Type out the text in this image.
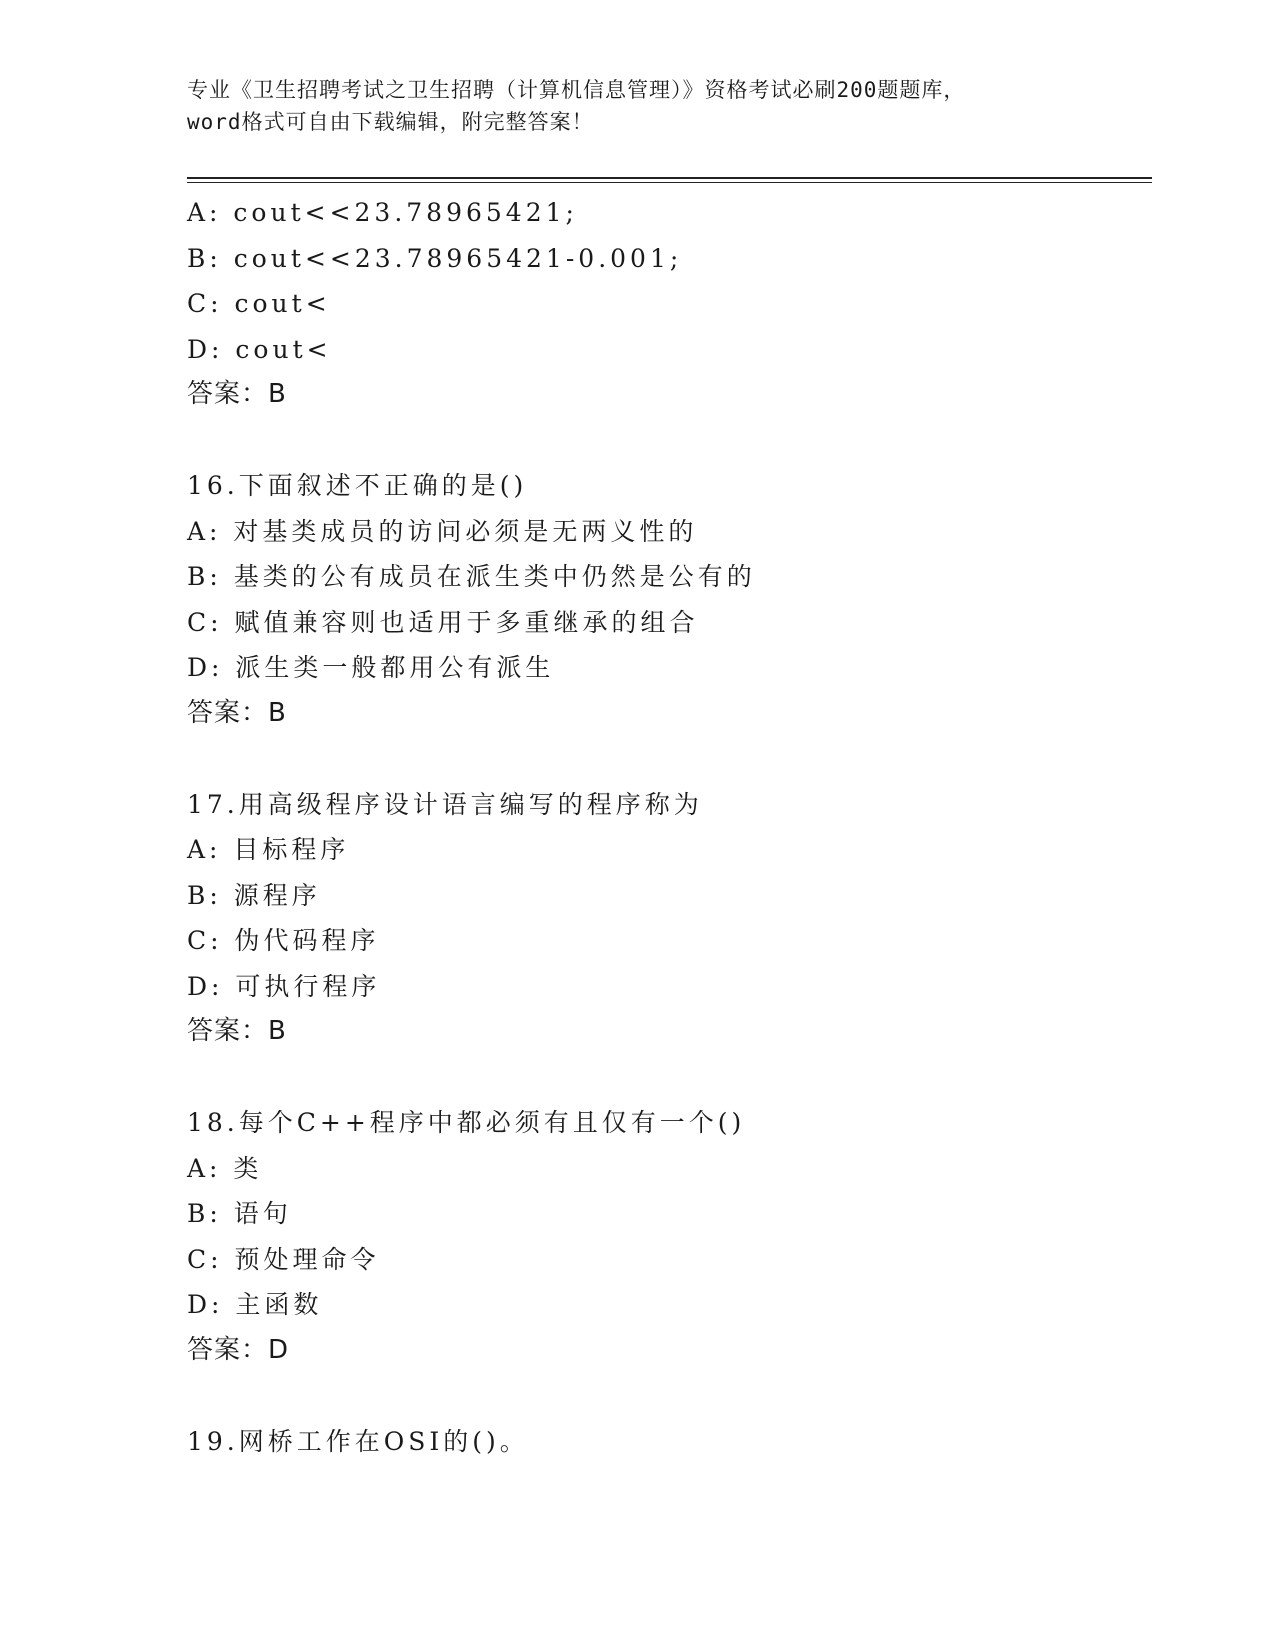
专业《卫生招聘考试之卫生招聘（计算机信息管理）》资格考试必刷200题题库，
word格式可自由下载编辑，附完整答案！
A: cout<<23.78965421;
B: cout<<23.78965421-0.001;
C: cout<
D: cout<
答案：B
16.下面叙述不正确的是()
A: 对基类成员的访问必须是无两义性的
B: 基类的公有成员在派生类中仍然是公有的
C: 赋值兼容则也适用于多重继承的组合
D: 派生类一般都用公有派生
答案：B
17.用高级程序设计语言编写的程序称为
A: 目标程序
B: 源程序
C: 伪代码程序
D: 可执行程序
答案：B
18.每个C++程序中都必须有且仅有一个()
A: 类
B: 语句
C: 预处理命令
D: 主函数
答案：D
19.网桥工作在OSI的()。
